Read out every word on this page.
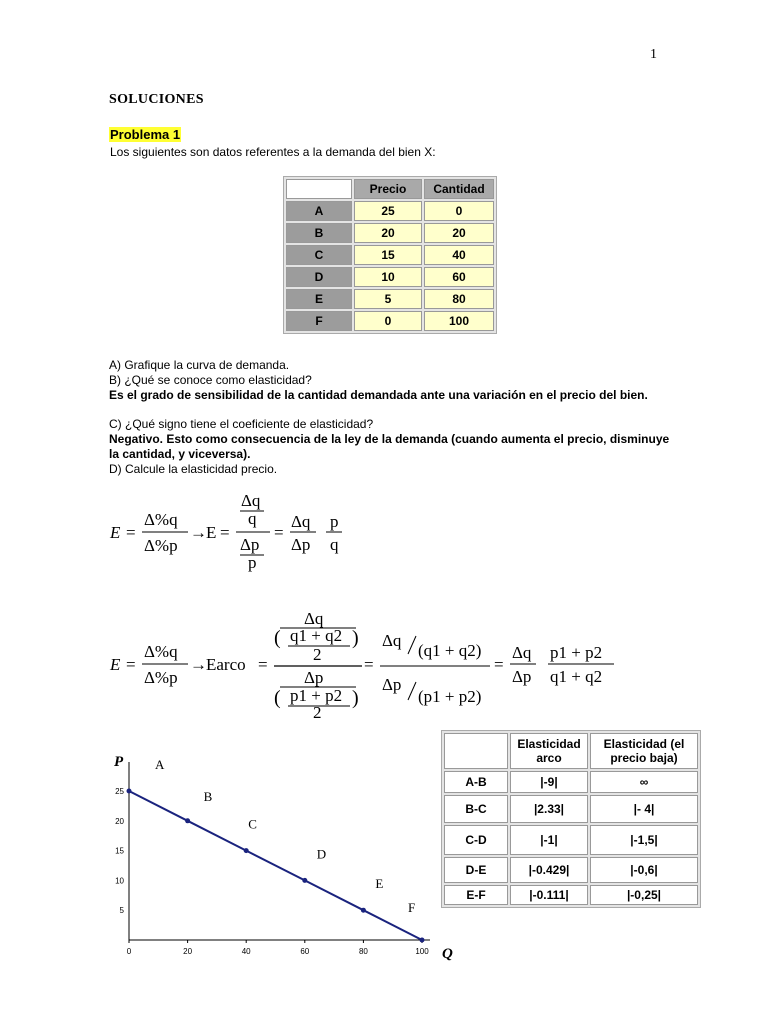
1
SOLUCIONES
Problema 1
Los siguientes son datos referentes a la demanda del bien X:
	Precio	Cantidad
A	25	0
B	20	20
C	15	40
D	10	60
E	5	80
F	0	100
A) Grafique la curva de demanda.
B) ¿Qué se conoce como elasticidad?
Es el grado de sensibilidad de la cantidad demandada ante una variación en el precio del bien.
C) ¿Qué signo tiene el coeficiente de elasticidad?
Negativo. Esto como consecuencia de la ley de la demanda (cuando aumenta el precio, disminuye la cantidad, y viceversa).
D) Calcule la elasticidad precio.
E =
Δ%q
Δ%p
→ E =
Δq
q
Δp
p
=
Δq
Δp
p
q
E =
Δ%q
Δ%p
→ Earco =
Δq
( q1 + q2
2
)
Δp
( p1 + p2
2
)
=
Δq
(q1 + q2)
Δp
(p1 + p2)
=
Δq
Δp
p1 + p2
q1 + q2
	Elasticidad arco	Elasticidad (el precio baja)
A-B	|-9|	∞
B-C	|2.33|	|- 4|
C-D	|-1|	|-1,5|
D-E	|-0.429|	|-0,6|
E-F	|-0.111|	|-0,25|
P
Q
0	20	40	60	80	100
5
10
15
20
25
A
B
C
D
E
F
